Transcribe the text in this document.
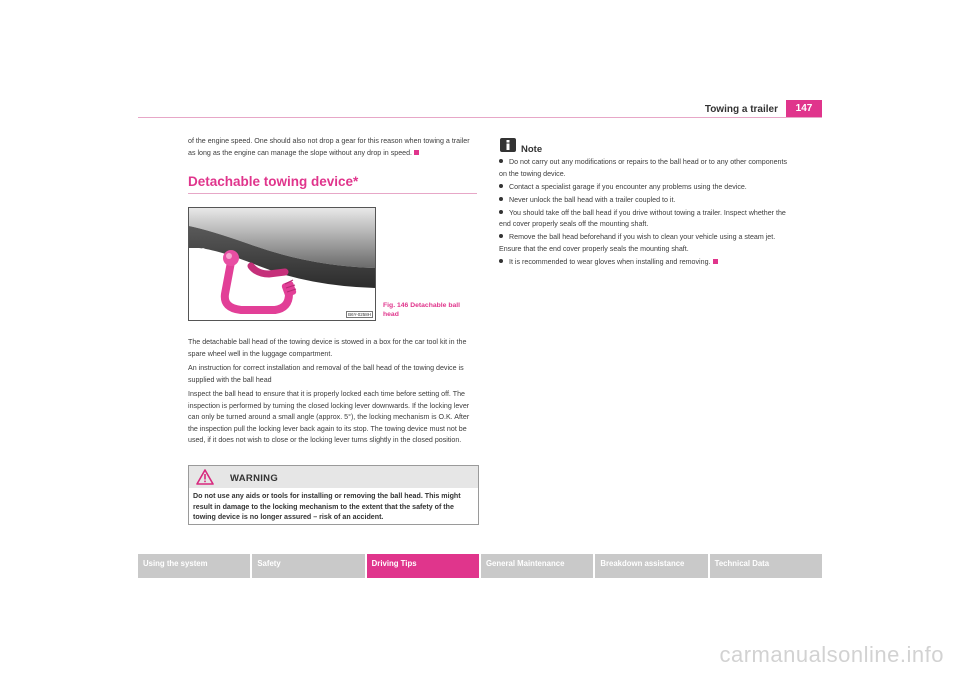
Towing a trailer	147
of the engine speed. One should also not drop a gear for this reason when towing a trailer as long as the engine can manage the slope without any drop in speed.
Detachable towing device*
B6Y-0258H
Fig. 146 Detachable ball head
The detachable ball head of the towing device is stowed in a box for the car tool kit in the spare wheel well in the luggage compartment.
An instruction for correct installation and removal of the ball head of the towing device is supplied with the ball head
Inspect the ball head to ensure that it is properly locked each time before setting off. The inspection is performed by turning the closed locking lever downwards. If the locking lever can only be turned around a small angle (approx. 5°), the locking mechanism is O.K. After the inspection pull the locking lever back again to its stop. The towing device must not be used, if it does not wish to close or the locking lever turns slightly in the closed position.
WARNING
Do not use any aids or tools for installing or removing the ball head. This might result in damage to the locking mechanism to the extent that the safety of the towing device is no longer assured – risk of an accident.
Note
Do not carry out any modifications or repairs to the ball head or to any other components on the towing device.
Contact a specialist garage if you encounter any problems using the device.
Never unlock the ball head with a trailer coupled to it.
You should take off the ball head if you drive without towing a trailer. Inspect whether the end cover properly seals off the mounting shaft.
Remove the ball head beforehand if you wish to clean your vehicle using a steam jet. Ensure that the end cover properly seals the mounting shaft.
It is recommended to wear gloves when installing and removing.
Using the system	Safety	Driving Tips	General Maintenance	Breakdown assistance	Technical Data
carmanualsonline.info
